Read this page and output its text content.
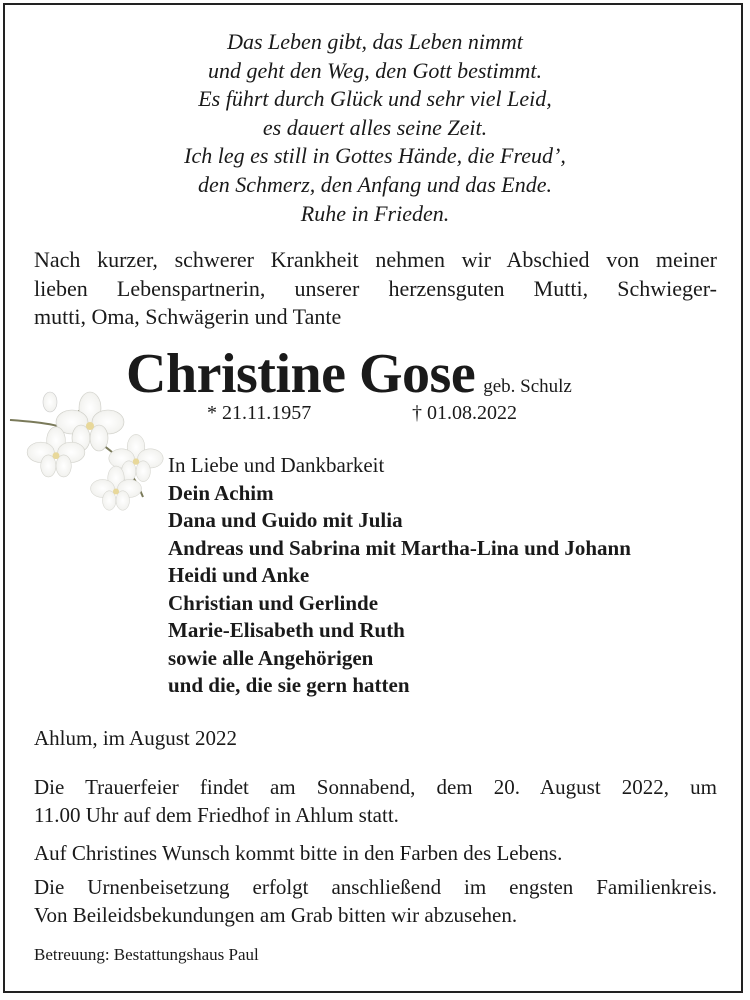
Das Leben gibt, das Leben nimmt
und geht den Weg, den Gott bestimmt.
Es führt durch Glück und sehr viel Leid,
es dauert alles seine Zeit.
Ich leg es still in Gottes Hände, die Freud’,
den Schmerz, den Anfang und das Ende.
Ruhe in Frieden.
Nach kurzer, schwerer Krankheit nehmen wir Abschied von meiner
lieben Lebenspartnerin, unserer herzensguten Mutti, Schwieger-
mutti, Oma, Schwägerin und Tante
Christine Gose geb. Schulz
* 21.11.1957	† 01.08.2022
In Liebe und Dankbarkeit
Dein Achim
Dana und Guido mit Julia
Andreas und Sabrina mit Martha-Lina und Johann
Heidi und Anke
Christian und Gerlinde
Marie-Elisabeth und Ruth
sowie alle Angehörigen
und die, die sie gern hatten
Ahlum, im August 2022
Die Trauerfeier findet am Sonnabend, dem 20. August 2022, um
11.00 Uhr auf dem Friedhof in Ahlum statt.
Auf Christines Wunsch kommt bitte in den Farben des Lebens.
Die Urnenbeisetzung erfolgt anschließend im engsten Familienkreis.
Von Beileidsbekundungen am Grab bitten wir abzusehen.
Betreuung: Bestattungshaus Paul
